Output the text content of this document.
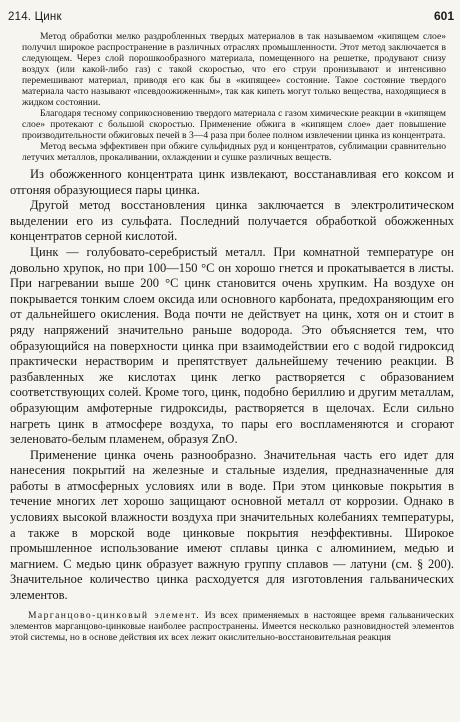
214. Цинк	601

Метод обработки мелко раздробленных твердых материалов в так называемом «кипящем слое» получил широкое распространение в различных отраслях промышленности. Этот метод заключается в следующем. Через слой порошкообразного материала, помещенного на решетке, продувают снизу воздух (или какой-либо газ) с такой скоростью, что его струи пронизывают и интенсивно перемешивают материал, приводя его как бы в «кипящее» состояние. Такое состояние твердого материала часто называют «псевдоожиженным», так как кипеть могут только вещества, находящиеся в жидком состоянии.

Благодаря тесному соприкосновению твердого материала с газом химические реакции в «кипящем слое» протекают с большой скоростью. Применение обжига в «кипящем слое» дает повышение производительности обжиговых печей в 3—4 раза при более полном извлечении цинка из концентрата.

Метод весьма эффективен при обжиге сульфидных руд и концентратов, сублимации сравнительно летучих металлов, прокаливании, охлаждении и сушке различных веществ.

Из обожженного концентрата цинк извлекают, восстанавливая его коксом и отгоняя образующиеся пары цинка.

Другой метод восстановления цинка заключается в электролитическом выделении его из сульфата. Последний получается обработкой обожженных концентратов серной кислотой.

Цинк — голубовато-серебристый металл. При комнатной температуре он довольно хрупок, но при 100—150 °С он хорошо гнется и прокатывается в листы. При нагревании выше 200 °С цинк становится очень хрупким. На воздухе он покрывается тонким слоем оксида или основного карбоната, предохраняющим его от дальнейшего окисления. Вода почти не действует на цинк, хотя он и стоит в ряду напряжений значительно раньше водорода. Это объясняется тем, что образующийся на поверхности цинка при взаимодействии его с водой гидроксид практически нерастворим и препятствует дальнейшему течению реакции. В разбавленных же кислотах цинк легко растворяется с образованием соответствующих солей. Кроме того, цинк, подобно бериллию и другим металлам, образующим амфотерные гидроксиды, растворяется в щелочах. Если сильно нагреть цинк в атмосфере воздуха, то пары его воспламеняются и сгорают зеленовато-белым пламенем, образуя ZnO.

Применение цинка очень разнообразно. Значительная часть его идет для нанесения покрытий на железные и стальные изделия, предназначенные для работы в атмосферных условиях или в воде. При этом цинковые покрытия в течение многих лет хорошо защищают основной металл от коррозии. Однако в условиях высокой влажности воздуха при значительных колебаниях температуры, а также в морской воде цинковые покрытия неэффективны. Широкое промышленное использование имеют сплавы цинка с алюминием, медью и магнием. С медью цинк образует важную группу сплавов — латуни (см. § 200). Значительное количество цинка расходуется для изготовления гальванических элементов.

Марганцово-цинковый элемент. Из всех применяемых в настоящее время гальванических элементов марганцово-цинковые наиболее распространены. Имеется несколько разновидностей элементов этой системы, но в основе действия их всех лежит окислительно-восстановительная реакция
